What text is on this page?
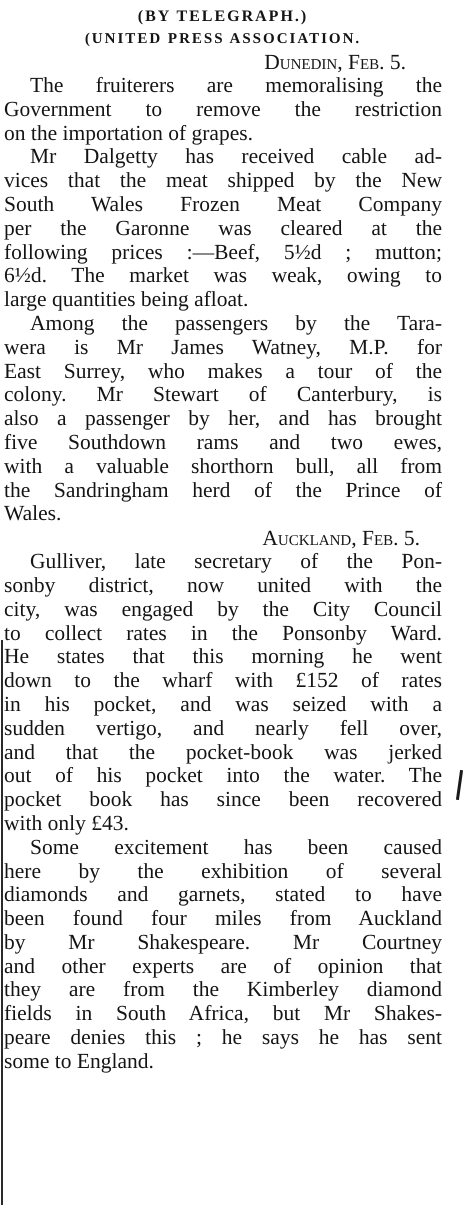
(BY TELEGRAPH.)
(UNITED PRESS ASSOCIATION.
Dunedin, Feb. 5.
The fruiterers are memoralising the
Government to remove the restriction
on the importation of grapes.
Mr Dalgetty has received cable ad-
vices that the meat shipped by the New
South Wales Frozen Meat Company
per the Garonne was cleared at the
following prices :—Beef, 5½d ; mutton;
6½d. The market was weak, owing to
large quantities being afloat.
Among the passengers by the Tara-
wera is Mr James Watney, M.P. for
East Surrey, who makes a tour of the
colony. Mr Stewart of Canterbury, is
also a passenger by her, and has brought
five Southdown rams and two ewes,
with a valuable shorthorn bull, all from
the Sandringham herd of the Prince of
Wales.
Auckland, Feb. 5.
Gulliver, late secretary of the Pon-
sonby district, now united with the
city, was engaged by the City Council
to collect rates in the Ponsonby Ward.
He states that this morning he went
down to the wharf with £152 of rates
in his pocket, and was seized with a
sudden vertigo, and nearly fell over,
and that the pocket-book was jerked
out of his pocket into the water. The
pocket book has since been recovered
with only £43.
Some excitement has been caused
here by the exhibition of several
diamonds and garnets, stated to have
been found four miles from Auckland
by Mr Shakespeare. Mr Courtney
and other experts are of opinion that
they are from the Kimberley diamond
fields in South Africa, but Mr Shakes-
peare denies this ; he says he has sent
some to England.
